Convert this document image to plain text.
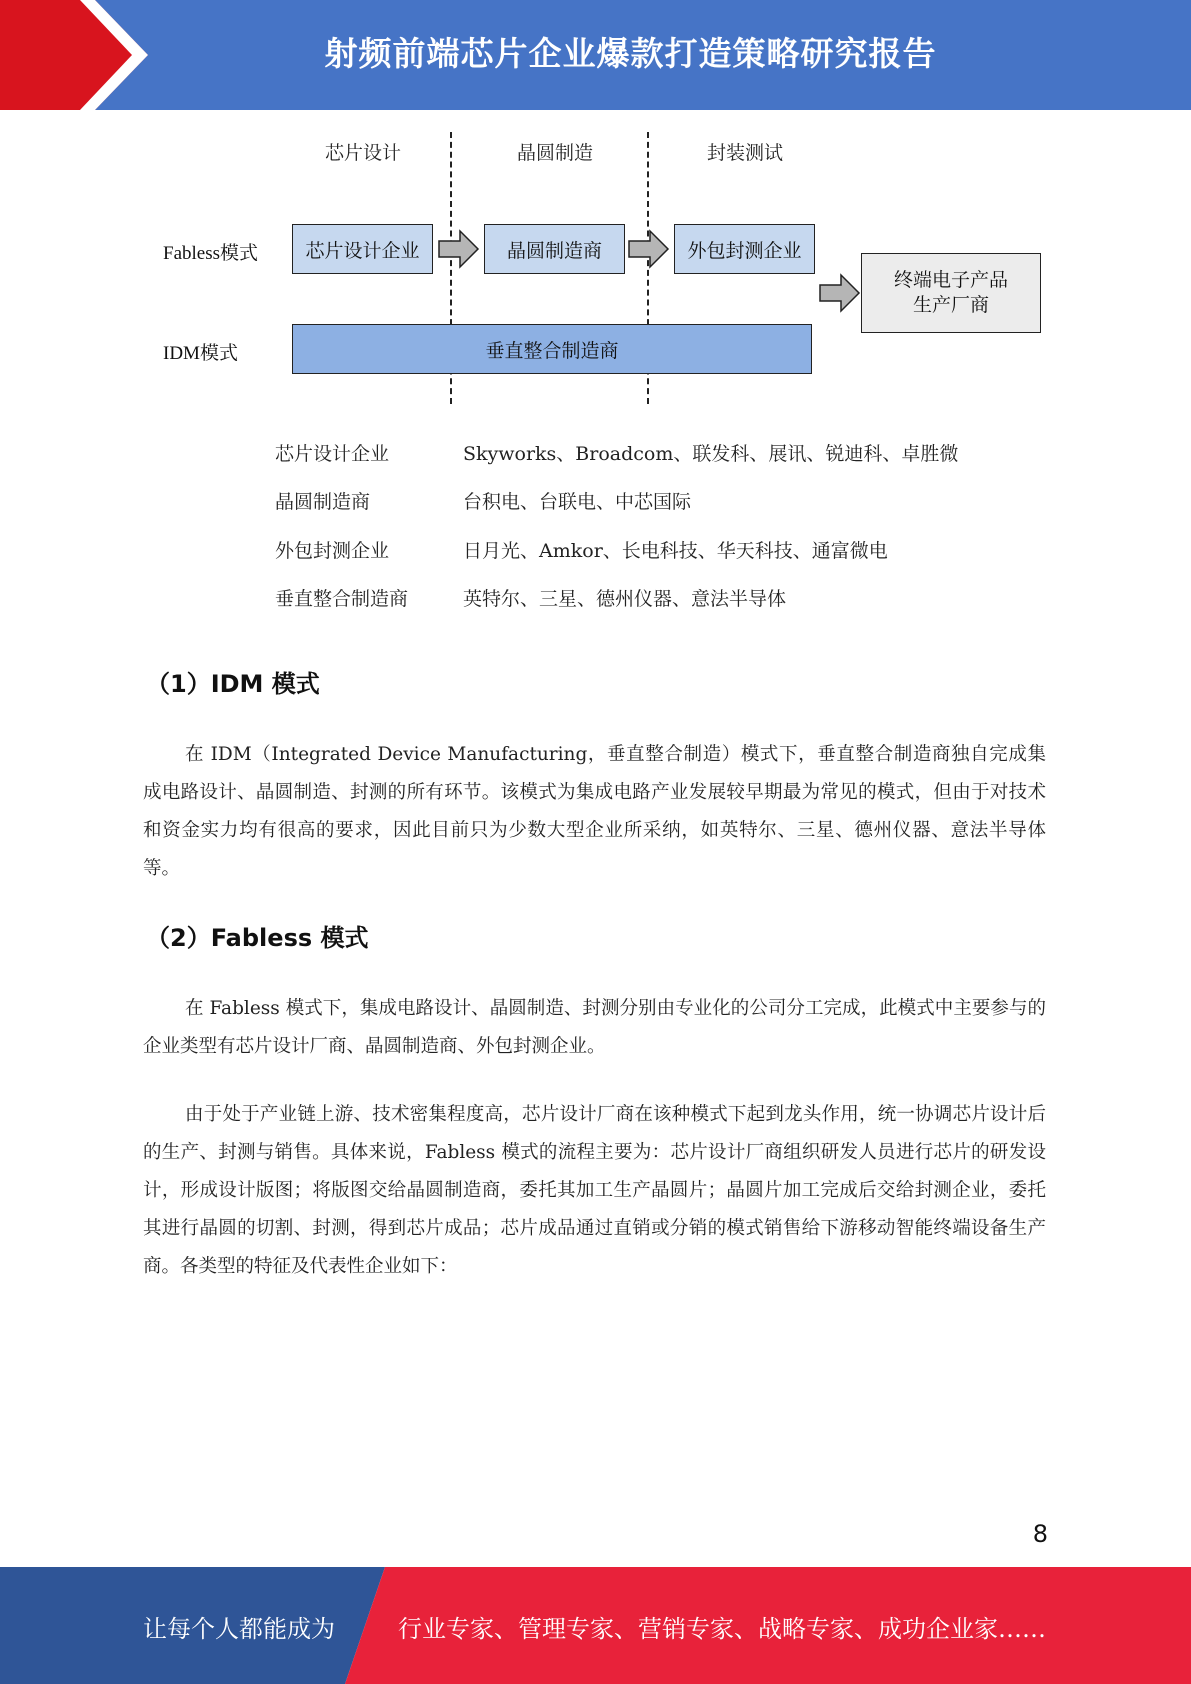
射频前端芯片企业爆款打造策略研究报告
芯片设计	晶圆制造	封装测试
Fabless模式
IDM模式
芯片设计企业	晶圆制造商	外包封测企业
垂直整合制造商
终端电子产品
生产厂商
芯片设计企业	Skyworks、Broadcom、联发科、展讯、锐迪科、卓胜微
晶圆制造商	台积电、台联电、中芯国际
外包封测企业	日月光、Amkor、长电科技、华天科技、通富微电
垂直整合制造商	英特尔、三星、德州仪器、意法半导体
（1）IDM 模式
在 IDM（Integrated Device Manufacturing，垂直整合制造）模式下，垂直整合制造商独自完成集成电路设计、晶圆制造、封测的所有环节。该模式为集成电路产业发展较早期最为常见的模式，但由于对技术和资金实力均有很高的要求，因此目前只为少数大型企业所采纳，如英特尔、三星、德州仪器、意法半导体等。
（2）Fabless 模式
在 Fabless 模式下，集成电路设计、晶圆制造、封测分别由专业化的公司分工完成，此模式中主要参与的企业类型有芯片设计厂商、晶圆制造商、外包封测企业。
由于处于产业链上游、技术密集程度高，芯片设计厂商在该种模式下起到龙头作用，统一协调芯片设计后的生产、封测与销售。具体来说，Fabless 模式的流程主要为：芯片设计厂商组织研发人员进行芯片的研发设计，形成设计版图；将版图交给晶圆制造商，委托其加工生产晶圆片；晶圆片加工完成后交给封测企业，委托其进行晶圆的切割、封测，得到芯片成品；芯片成品通过直销或分销的模式销售给下游移动智能终端设备生产商。各类型的特征及代表性企业如下：
8
让每个人都能成为	行业专家、管理专家、营销专家、战略专家、成功企业家……
